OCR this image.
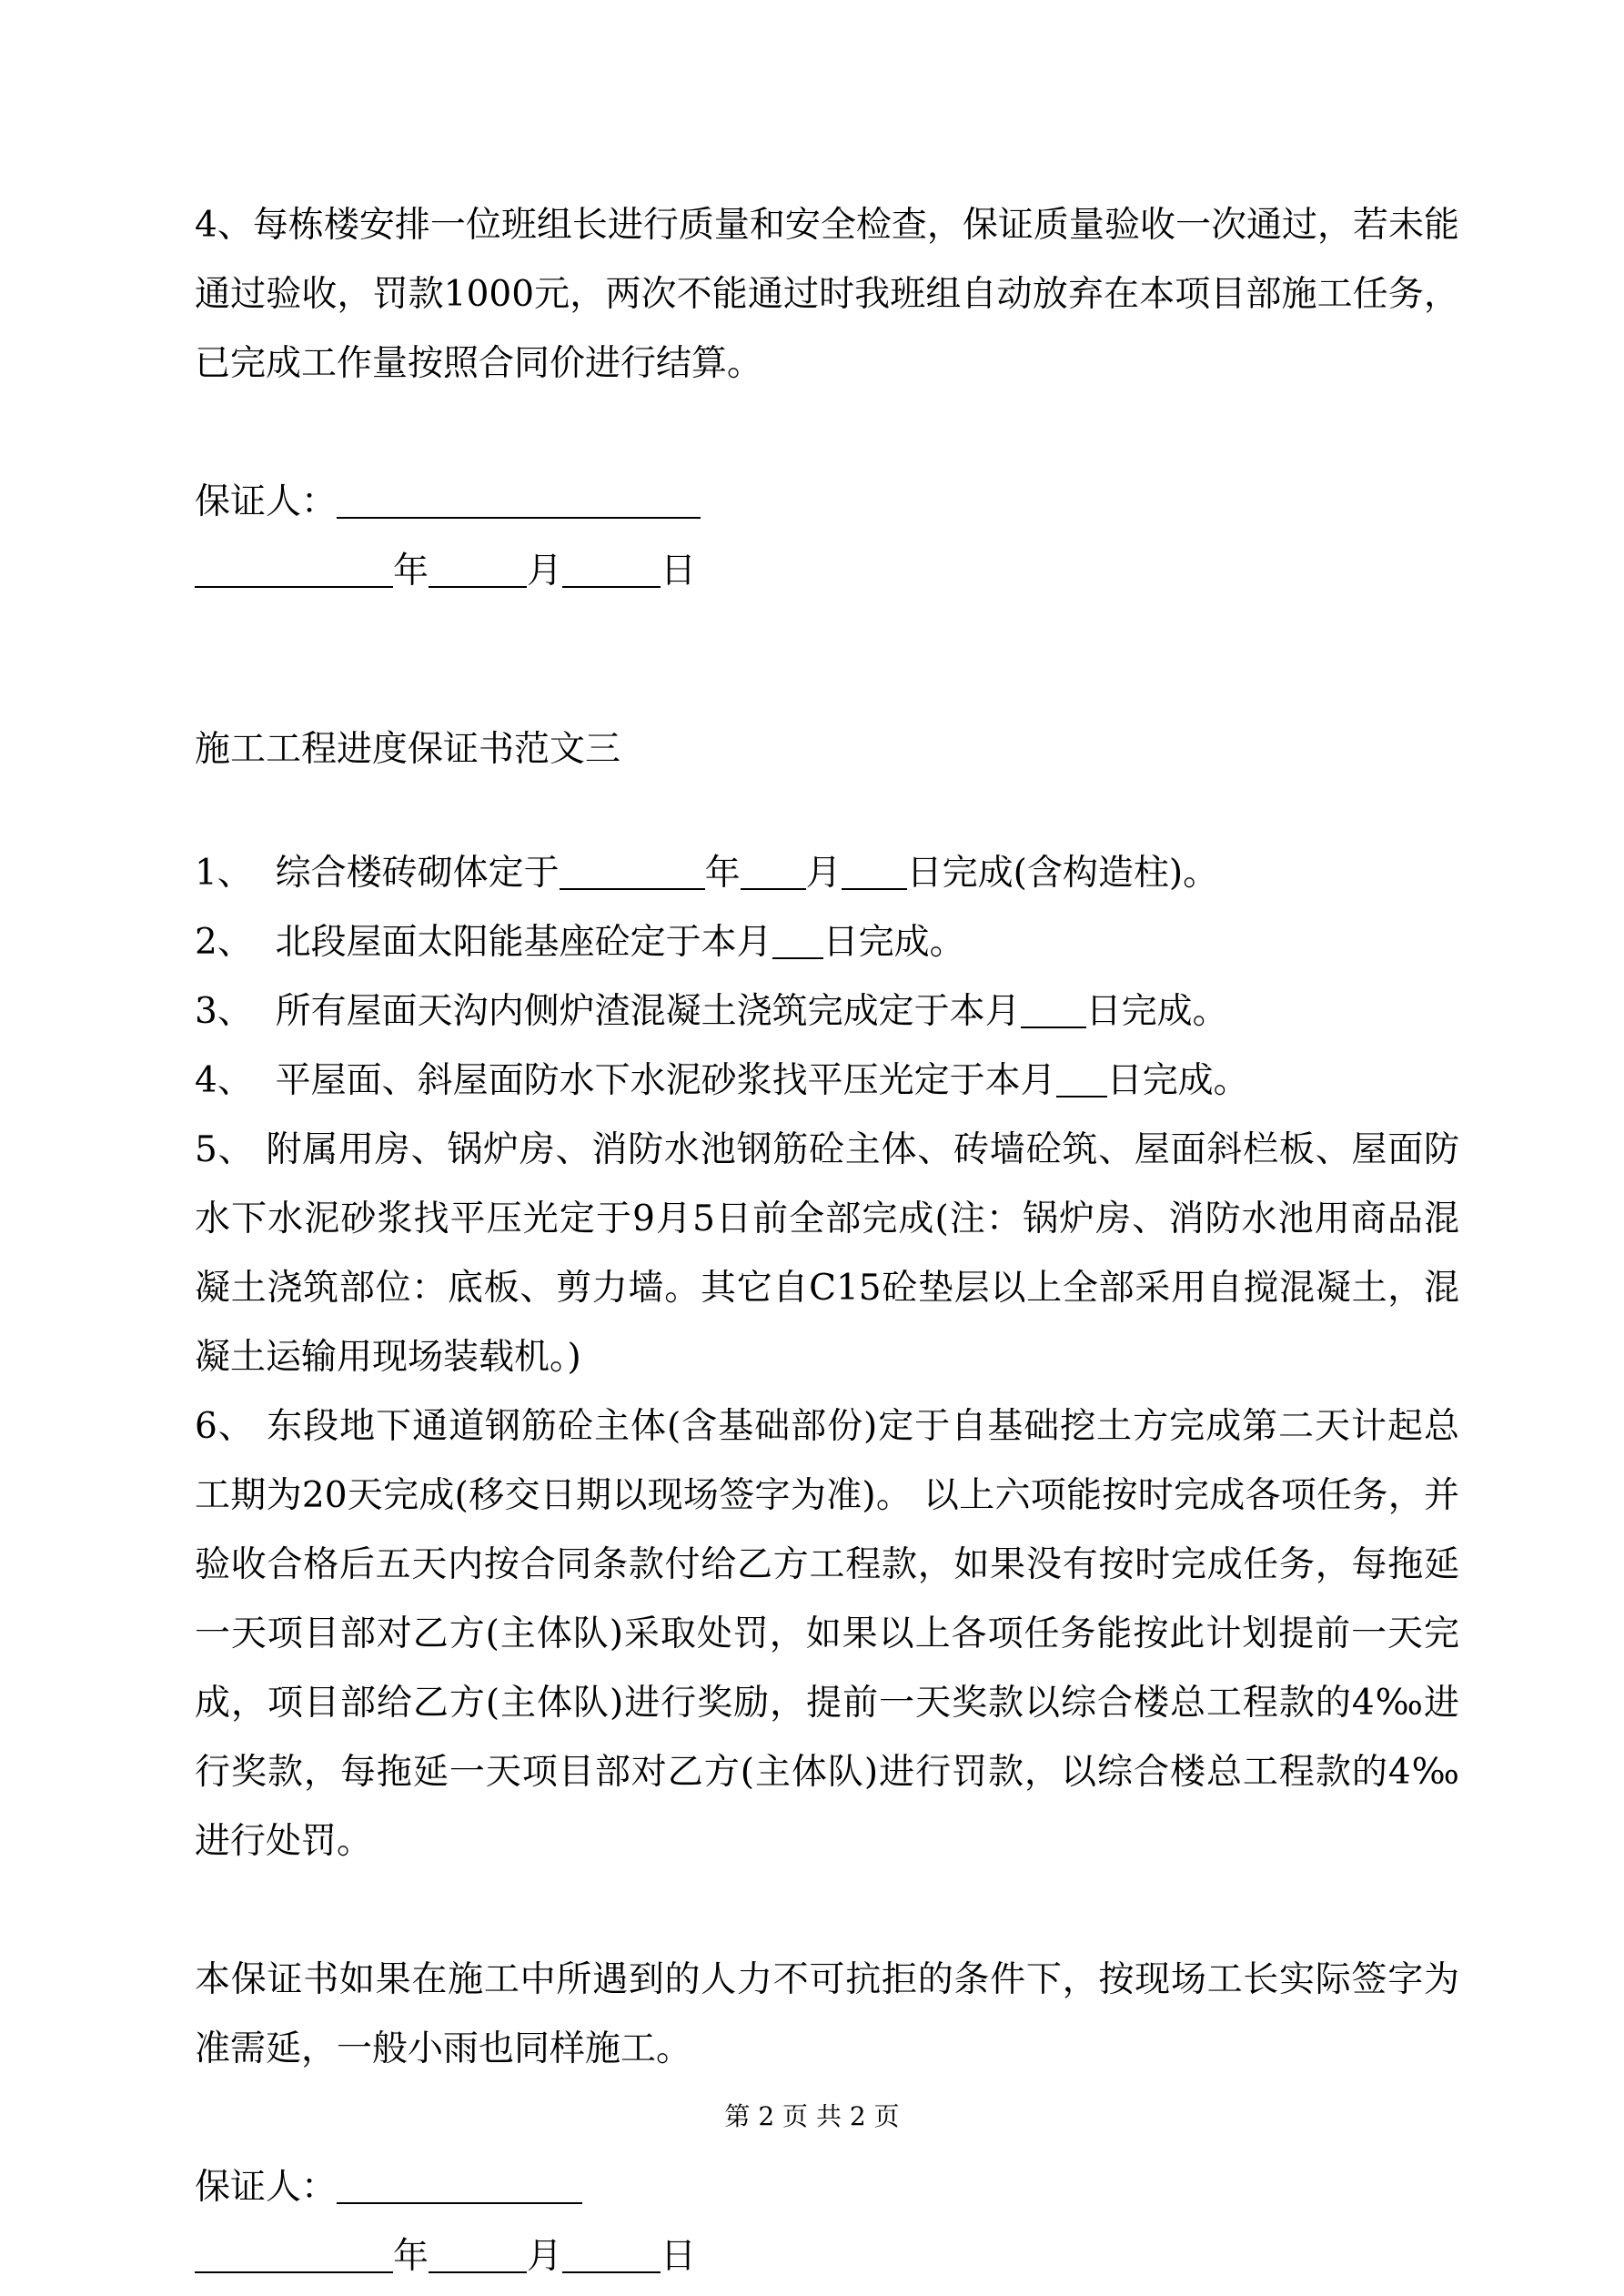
4、每栋楼安排一位班组长进行质量和安全检查，保证质量验收一次通过，若未能通过验收，罚款1000元，两次不能通过时我班组自动放弃在本项目部施工任务，已完成工作量按照合同价进行结算。

保证人：

年	月	日

施工工程进度保证书范文三

1、 综合楼砖砌体定于	年 月 日完成(含构造柱)。

2、 北段屋面太阳能基座砼定于本月 日完成。

3、 所有屋面天沟内侧炉渣混凝土浇筑完成定于本月 日完成。

4、 平屋面、斜屋面防水下水泥砂浆找平压光定于本月 日完成。

5、 附属用房、锅炉房、消防水池钢筋砼主体、砖墙砼筑、屋面斜栏板、屋面防水下水泥砂浆找平压光定于9月5日前全部完成(注：锅炉房、消防水池用商品混凝土浇筑部位：底板、剪力墙。其它自C15砼垫层以上全部采用自搅混凝土，混凝土运输用现场装载机。)

6、 东段地下通道钢筋砼主体(含基础部份)定于自基础挖土方完成第二天计起总工期为20天完成(移交日期以现场签字为准)。 以上六项能按时完成各项任务，并验收合格后五天内按合同条款付给乙方工程款，如果没有按时完成任务，每拖延一天项目部对乙方(主体队)采取处罚，如果以上各项任务能按此计划提前一天完成，项目部给乙方(主体队)进行奖励，提前一天奖款以综合楼总工程款的4‰进行奖款，每拖延一天项目部对乙方(主体队)进行罚款，以综合楼总工程款的4‰进行处罚。

本保证书如果在施工中所遇到的人力不可抗拒的条件下，按现场工长实际签字为准需延，一般小雨也同样施工。

保证人：

年	月	日

第 2 页 共 2 页
